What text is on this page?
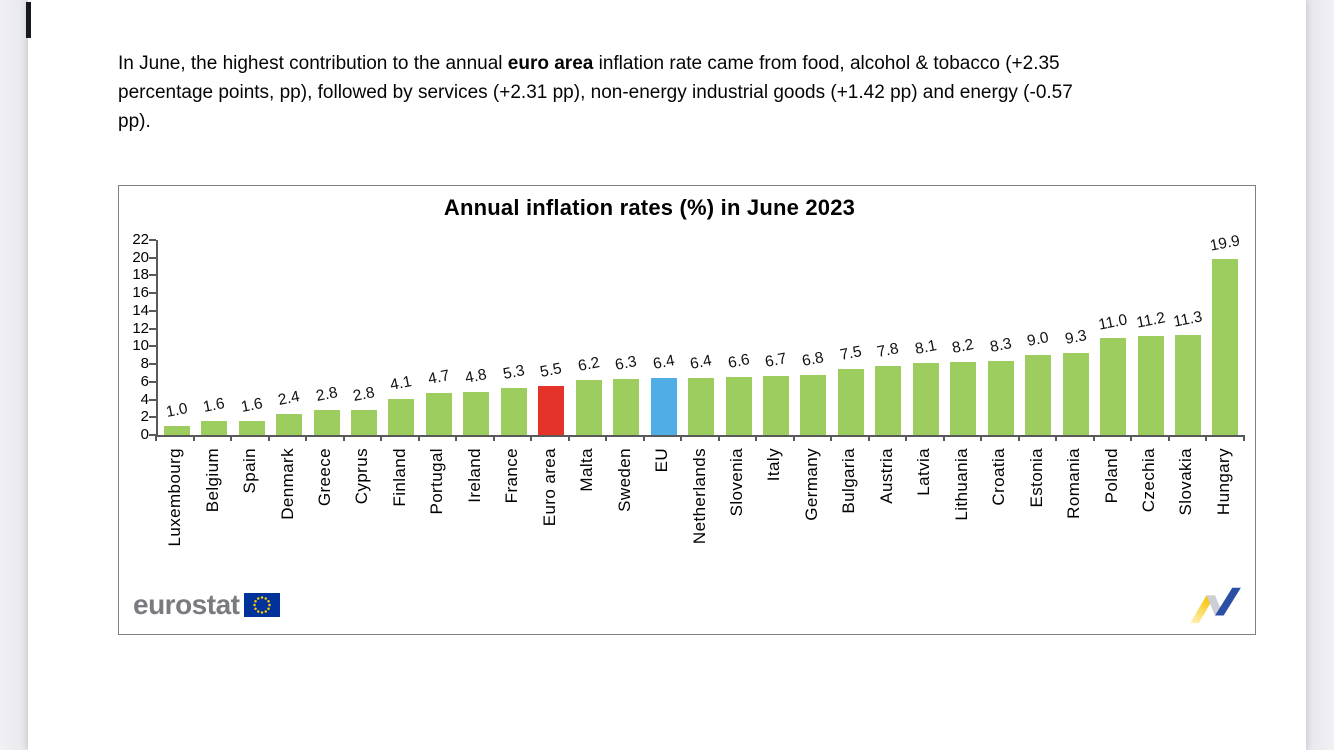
In June, the highest contribution to the annual euro area inflation rate came from food, alcohol & tobacco (+2.35
percentage points, pp), followed by services (+2.31 pp), non-energy industrial goods (+1.42 pp) and energy (-0.57
pp).

Annual inflation rates (%) in June 2023
0
2
4
6
8
10
12
14
16
18
20
22
1.0 1.6 1.6 2.4 2.8 2.8
4.1 4.7 4.8 5.3 5.5 6.2 6.3 6.4 6.4 6.6 6.7 6.8 7.5 7.8 8.1 8.2 8.3 9.0 9.3
11.0 11.2 11.3
19.9
Luxembourg Belgium Spain Denmark Greece Cyprus Finland Portugal Ireland France Euro area Malta Sweden EU Netherlands Slovenia Italy Germany Bulgaria Austria Latvia Lithuania Croatia Estonia Romania Poland Czechia Slovakia Hungary
eurostat
